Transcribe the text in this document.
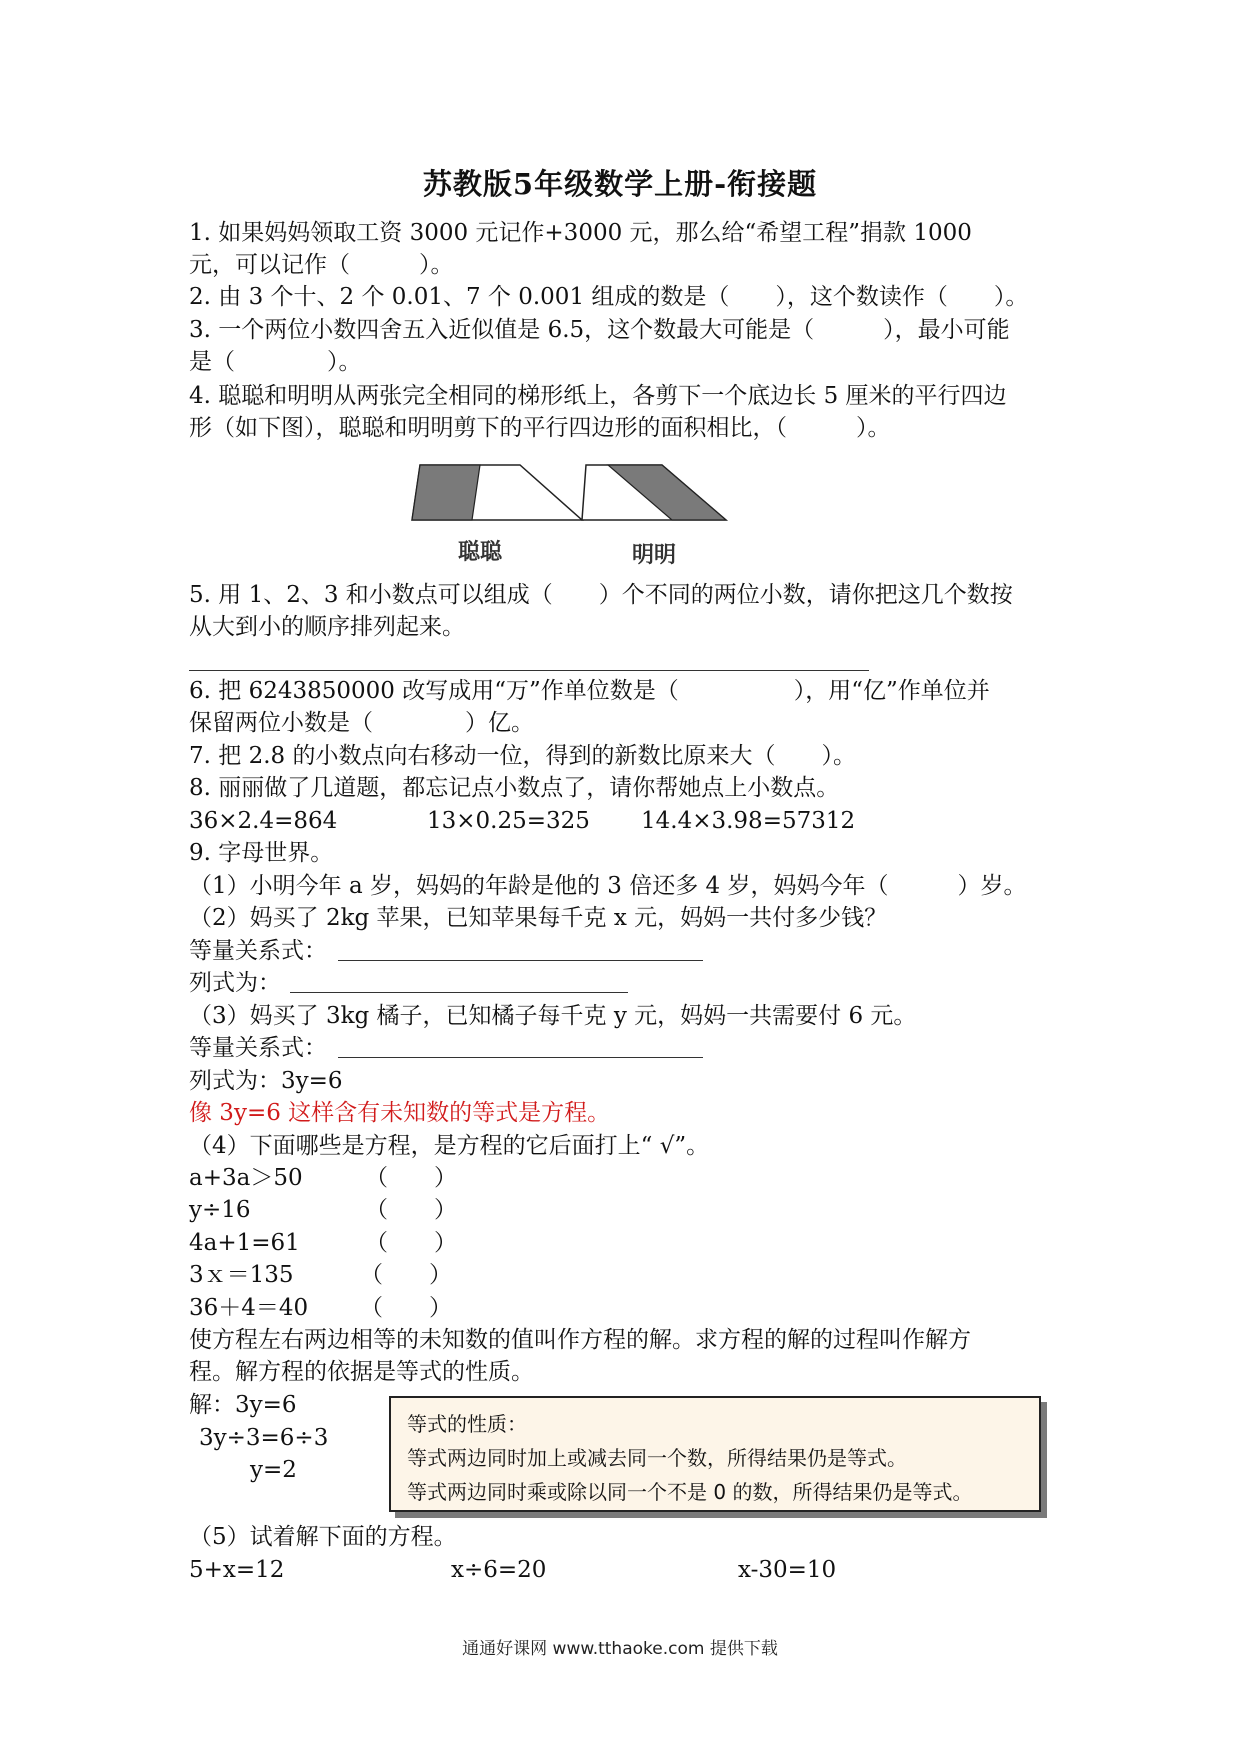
苏教版5年级数学上册-衔接题
1. 如果妈妈领取工资 3000 元记作+3000 元，那么给“希望工程”捐款 1000
元，可以记作（　　　）。
2. 由 3 个十、2 个 0.01、7 个 0.001 组成的数是（　　），这个数读作（　　）。
3. 一个两位小数四舍五入近似值是 6.5，这个数最大可能是（　　　），最小可能
是（　　　　）。
4. 聪聪和明明从两张完全相同的梯形纸上，各剪下一个底边长 5 厘米的平行四边
形（如下图），聪聪和明明剪下的平行四边形的面积相比，（　　　）。
聪聪	明明
5. 用 1、2、3 和小数点可以组成（　　）个不同的两位小数，请你把这几个数按
从大到小的顺序排列起来。
6. 把 6243850000 改写成用“万”作单位数是（　　　　　），用“亿”作单位并
保留两位小数是（　　　　）亿。
7. 把 2.8 的小数点向右移动一位，得到的新数比原来大（　　）。
8. 丽丽做了几道题，都忘记点小数点了，请你帮她点上小数点。
36×2.4=864	13×0.25=325 14.4×3.98=57312
9. 字母世界。
（1）小明今年 a 岁，妈妈的年龄是他的 3 倍还多 4 岁，妈妈今年（　　　）岁。
（2）妈买了 2kg 苹果，已知苹果每千克 x 元，妈妈一共付多少钱？
等量关系式：
列式为：
（3）妈买了 3kg 橘子，已知橘子每千克 y 元，妈妈一共需要付 6 元。
等量关系式：
列式为：3y=6
像 3y=6 这样含有未知数的等式是方程。
（4）下面哪些是方程，是方程的它后面打上“ √”。
a+3a＞50	（　　）
y÷16	（　　）
4a+1=61	（　　）
3ｘ＝135	（　　）
36＋4＝40 （　　）
使方程左右两边相等的未知数的值叫作方程的解。求方程的解的过程叫作解方
程。解方程的依据是等式的性质。
解：3y=6
3y÷3=6÷3
y=2
等式的性质：
等式两边同时加上或减去同一个数，所得结果仍是等式。
等式两边同时乘或除以同一个不是 0 的数，所得结果仍是等式。
（5）试着解下面的方程。
5+x=12	x÷6=20	x-30=10
通通好课网 www.tthaoke.com 提供下载
